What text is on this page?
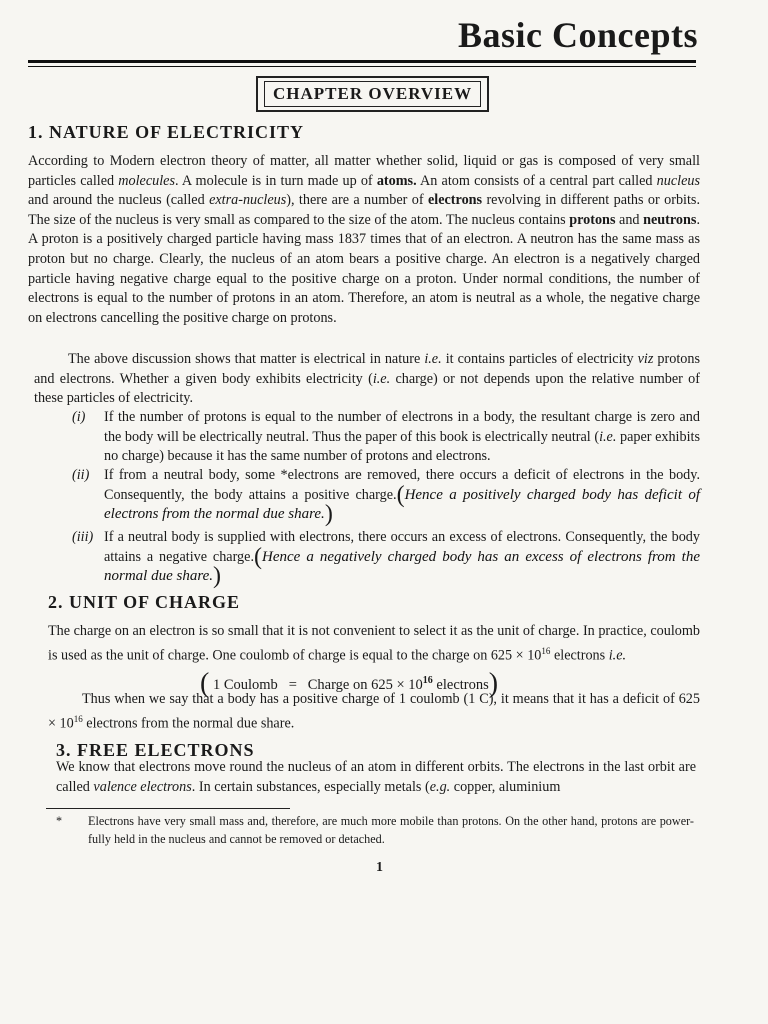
Basic Concepts
CHAPTER OVERVIEW
1. NATURE OF ELECTRICITY
According to Modern electron theory of matter, all matter whether solid, liquid or gas is composed of very small particles called molecules. A molecule is in turn made up of atoms. An atom consists of a central part called nucleus and around the nucleus (called extra-nucleus), there are a number of electrons revolving in different paths or orbits. The size of the nucleus is very small as compared to the size of the atom. The nucleus contains protons and neutrons. A proton is a positively charged particle having mass 1837 times that of an electron. A neutron has the same mass as proton but no charge. Clearly, the nucleus of an atom bears a positive charge. An electron is a negatively charged particle having negative charge equal to the positive charge on a proton. Under normal conditions, the number of electrons is equal to the number of protons in an atom. Therefore, an atom is neutral as a whole, the negative charge on electrons cancelling the positive charge on protons.
The above discussion shows that matter is electrical in nature i.e. it contains particles of electricity viz protons and electrons. Whether a given body exhibits electricity (i.e. charge) or not depends upon the relative number of these particles of electricity.
(i) If the number of protons is equal to the number of electrons in a body, the resultant charge is zero and the body will be electrically neutral. Thus the paper of this book is electrically neutral (i.e. paper exhibits no charge) because it has the same number of protons and electrons.
(ii) If from a neutral body, some *electrons are removed, there occurs a deficit of electrons in the body. Consequently, the body attains a positive charge.(Hence a positively charged body has deficit of electrons from the normal due share.)
(iii) If a neutral body is supplied with electrons, there occurs an excess of electrons. Consequently, the body attains a negative charge.(Hence a negatively charged body has an excess of electrons from the normal due share.)
2. UNIT OF CHARGE
The charge on an electron is so small that it is not convenient to select it as the unit of charge. In practice, coulomb is used as the unit of charge. One coulomb of charge is equal to the charge on $625 \times 10^{16}$ electrons i.e.
( 1 Coulomb = Charge on $625 \times 10^{16}$ electrons)
Thus when we say that a body has a positive charge of 1 coulomb (1 C), it means that it has a deficit of $625 \times 10^{16}$ electrons from the normal due share.
3. FREE ELECTRONS
We know that electrons move round the nucleus of an atom in different orbits. The electrons in the last orbit are called valence electrons. In certain substances, especially metals (e.g. copper, aluminium
*	Electrons have very small mass and, therefore, are much more mobile than protons. On the other hand, protons are power-fully held in the nucleus and cannot be removed or detached.
1
